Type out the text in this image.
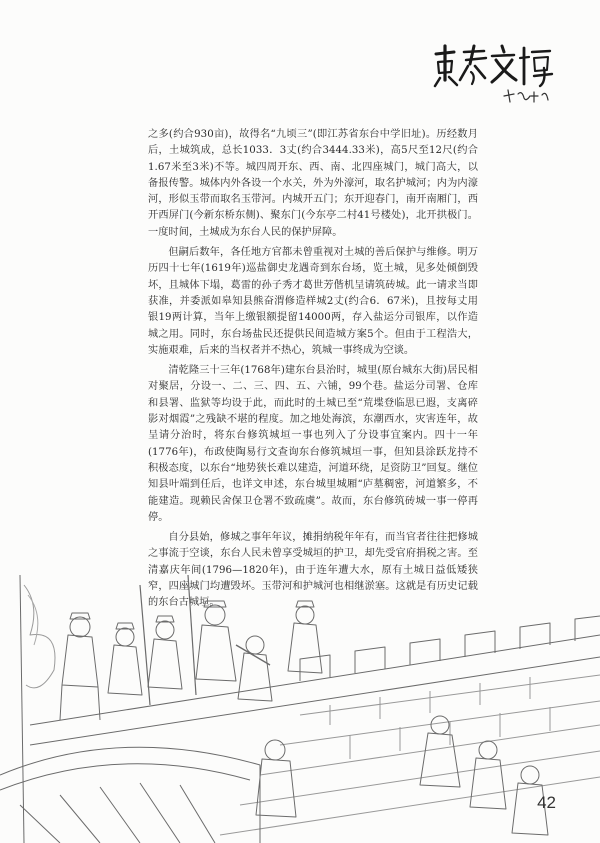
之多(约合930亩)，故得名“九顷三”(即江苏省东台中学旧址)。历经数月后，土城筑成，总长1033．3丈(约合3444.33米)，高5尺至12尺(约合1.67米至3米)不等。城四周开东、西、南、北四座城门，城门高大，以备报传警。城体内外各设一个水关，外为外濠河，取名护城河；内为内濠河，形似玉带而取名玉带河。内城开五门；东开迎春门，南开南厢门，西开西屏门(今新东桥东侧)、聚东门(今东亭二村41号楼处)，北开拱极门。一度时间，土城成为东台人民的保护屏障。

但嗣后数年，各任地方官都未曾重视对土城的善后保护与维修。明万历四十七年(1619年)巡盐御史龙遇奇到东台场，览土城，见多处倾倒毁坏，且城体下塌，葛雷的孙子秀才葛世芳偕机呈请筑砖城。此一请求当即获准，并委派如皋知县熊奋渭修造样城2丈(约合6．67米)，且按每丈用银19两计算，当年上缴银额提留14000两，存入盐运分司银库，以作造城之用。同时，东台场盐民还提供民间造城方案5个。但由于工程浩大，实施艰难，后来的当权者并不热心，筑城一事终成为空谈。

清乾隆三十三年(1768年)建东台县治时，城里(原台城东大街)居民相对聚居，分设一、二、三、四、五、六铺，99个巷。盐运分司署、仓库和县署、监狱等均设于此，而此时的土城已至“荒堞登临思已遐，支离碎影对烟霞”之残缺不堪的程度。加之地处海滨，东潮西水，灾害连年，故呈请分治时，将东台修筑城垣一事也列入了分设事宜案内。四十一年(1776年)，布政使陶易行文查询东台修筑城垣一事，但知县涂跃龙持不积极态度，以东台“地势狭长难以建造，河道环绕，足资防卫”回复。继位知县叶端到任后，也详文申述，东台城里城厢“庐墓稠密，河道繁多，不能建造。现赖民舍保卫仓署不致疏虞”。故而，东台修筑砖城一事一停再停。

自分县始，修城之事年年议，摊捐纳税年年有，而当官者往往把修城之事流于空谈，东台人民未曾享受城垣的护卫，却先受官府捐税之害。至清嘉庆年间(1796—1820年)，由于连年遭大水，原有土城日益低矮狭窄，四座城门均遭毁坏。玉带河和护城河也相继淤塞。这就是有历史记载的东台古城垣。

42
